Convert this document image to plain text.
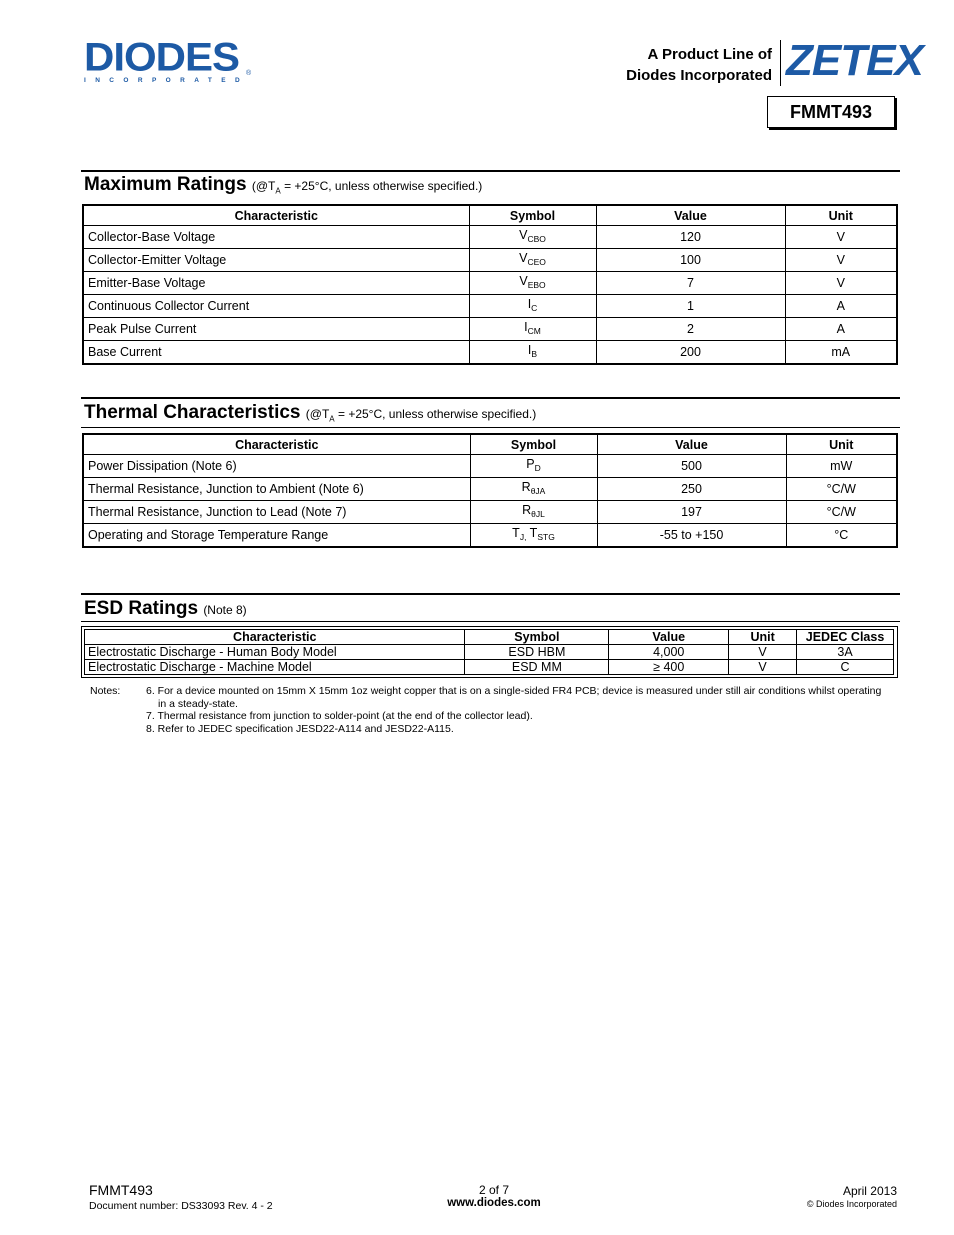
DIODES
INCORPORATED
®
A Product Line of
Diodes Incorporated ZETEX
FMMT493
Maximum Ratings ($@T_A = +25^\circ C$, unless otherwise specified.)
Characteristic	Symbol	Value	Unit
Collector-Base Voltage	$V_{CBO}$	120	V
Collector-Emitter Voltage	$V_{CEO}$	100	V
Emitter-Base Voltage	$V_{EBO}$	7	V
Continuous Collector Current	$I_C$	1	A
Peak Pulse Current	$I_{CM}$	2	A
Base Current	$I_B$	200	mA
Thermal Characteristics ($@T_A = +25^\circ C$, unless otherwise specified.)
Characteristic	Symbol	Value	Unit
Power Dissipation (Note 6)	$P_D$	500	mW
Thermal Resistance, Junction to Ambient (Note 6)	$R_{\theta JA}$	250	°C/W
Thermal Resistance, Junction to Lead (Note 7)	$R_{\theta JL}$	197	°C/W
Operating and Storage Temperature Range	$T_{J,}$ $T_{STG}$	-55 to +150	°C
ESD Ratings (Note 8)
Characteristic	Symbol	Value	Unit	JEDEC Class
Electrostatic Discharge - Human Body Model	ESD HBM	4,000	V	3A
Electrostatic Discharge - Machine Model	ESD MM	≥ 400	V	C
Notes: 6. For a device mounted on 15mm X 15mm 1oz weight copper that is on a single-sided FR4 PCB; device is measured under still air conditions whilst operating in a steady-state.
7. Thermal resistance from junction to solder-point (at the end of the collector lead).
8. Refer to JEDEC specification JESD22-A114 and JESD22-A115.
FMMT493
Document number: DS33093 Rev. 4 - 2
2 of 7
www.diodes.com
April 2013
© Diodes Incorporated
